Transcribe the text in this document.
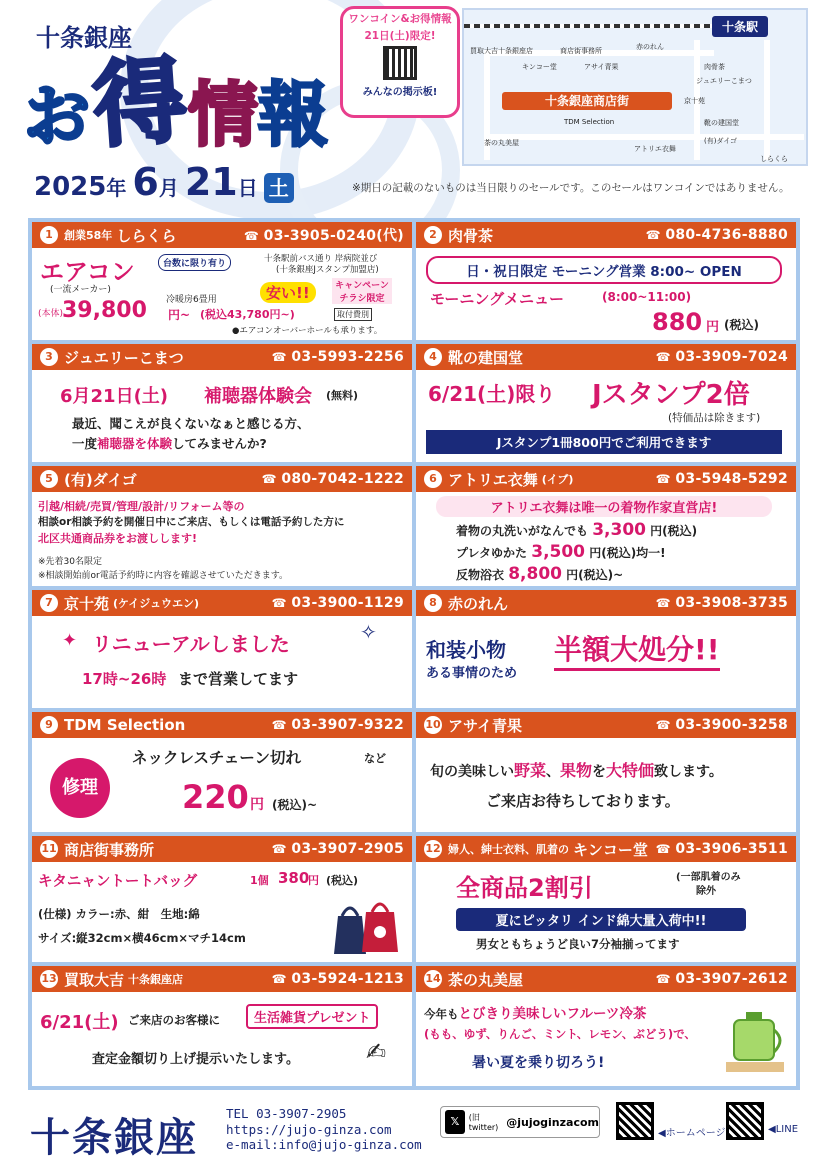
十条銀座
お 得
情 報
2025 年 6 月 21 日 土	※期日の記載のないものは当日限りのセールです。このセールはワンコインではありません。
ワンコイン&お得情報
21日(土)限定!
みんなの掲示板!
十条駅
十条銀座商店街
買取大吉十条銀座店
キンコー堂
商店街事務所
アサイ青果
赤のれん
肉骨茶
ジュエリーこまつ
京十苑
靴の建国堂
(有)ダイゴ
TDM Selection
アトリエ衣舞
茶の丸美屋
しらくら
1	創業58年 しらくら	☎ 03-3905-0240(代)
エアコン	台数に限り有り
(一流メーカー)
冷暖房6畳用
十条駅前バス通り 岸病院並び
(十条銀座Jスタンプ加盟店)
安い!!	キャンペーンチラシ限定
(本体)
39,800 円~ (税込43,780円~)	取付費別
●エアコンオーバーホールも承ります。
2 肉骨茶	☎ 080-4736-8880
日・祝日限定 モーニング営業 8:00~ OPEN
モーニングメニュー	(8:00~11:00)
880 円 (税込)
3 ジュエリーこまつ	☎ 03-5993-2256
6月21日(土) 補聴器体験会 (無料)
最近、聞こえが良くないなぁと感じる方、
一度補聴器を体験してみませんか?
4 靴の建国堂	☎ 03-3909-7024
6/21(土)限り Jスタンプ2倍
(特価品は除きます)
Jスタンプ1冊800円でご利用できます
5 (有)ダイゴ	☎ 080-7042-1222
引越/相続/売買/管理/設計/リフォーム等の
相談or相談予約を開催日中にご来店、もしくは電話予約した方に
北区共通商品券をお渡しします!
※先着30名限定
※相談開始前or電話予約時に内容を確認させていただきます。
6 アトリエ衣舞 (イブ)	☎ 03-5948-5292
アトリエ衣舞は唯一の着物作家直営店!
着物の丸洗いがなんでも 3,300 円(税込)
プレタゆかた 3,500 円(税込)均一!
反物浴衣 8,800 円(税込)~
7 京十苑 (ケイジュウエン)	☎ 03-3900-1129
✦ リニューアルしました	✧
17時~26時 まで営業してます
8 赤のれん	☎ 03-3908-3735
和装小物
ある事情のため
半額大処分!!
9 TDM Selection	☎ 03-3907-9322
修理
ネックレスチェーン切れ	など
220 円 (税込)~
10 アサイ青果	☎ 03-3900-3258
旬の美味しい野菜、果物を大特価致します。
ご来店お待ちしております。
11 商店街事務所	☎ 03-3907-2905
キタニャントートバッグ	1個 380
円 (税込)
(仕様) カラー:赤、紺　生地:綿
サイズ:縦32cm×横46cm×マチ14cm
12 婦人、紳士衣料、肌着の キンコー堂	☎ 03-3906-3511
全商品2割引	(一部肌着のみ
除外
夏にピッタリ インド綿大量入荷中!!
男女ともちょうど良い7分袖揃ってます
13 買取大吉 十条銀座店	☎ 03-5924-1213
6/21(土) ご来店のお客様に	生活雑貨プレゼント
査定金額切り上げ提示いたします。	✍
14 茶の丸美屋	☎ 03-3907-2612
今年もとびきり美味しいフルーツ冷茶
(もも、ゆず、りんご、ミント、レモン、ぶどう)で、
暑い夏を乗り切ろう!
十条銀座
TEL 03-3907-2905
https://jujo-ginza.com
e-mail:info@jujo-ginza.com
𝕏	(旧twitter) @jujoginzacom
◀ホームページ	◀LINE
